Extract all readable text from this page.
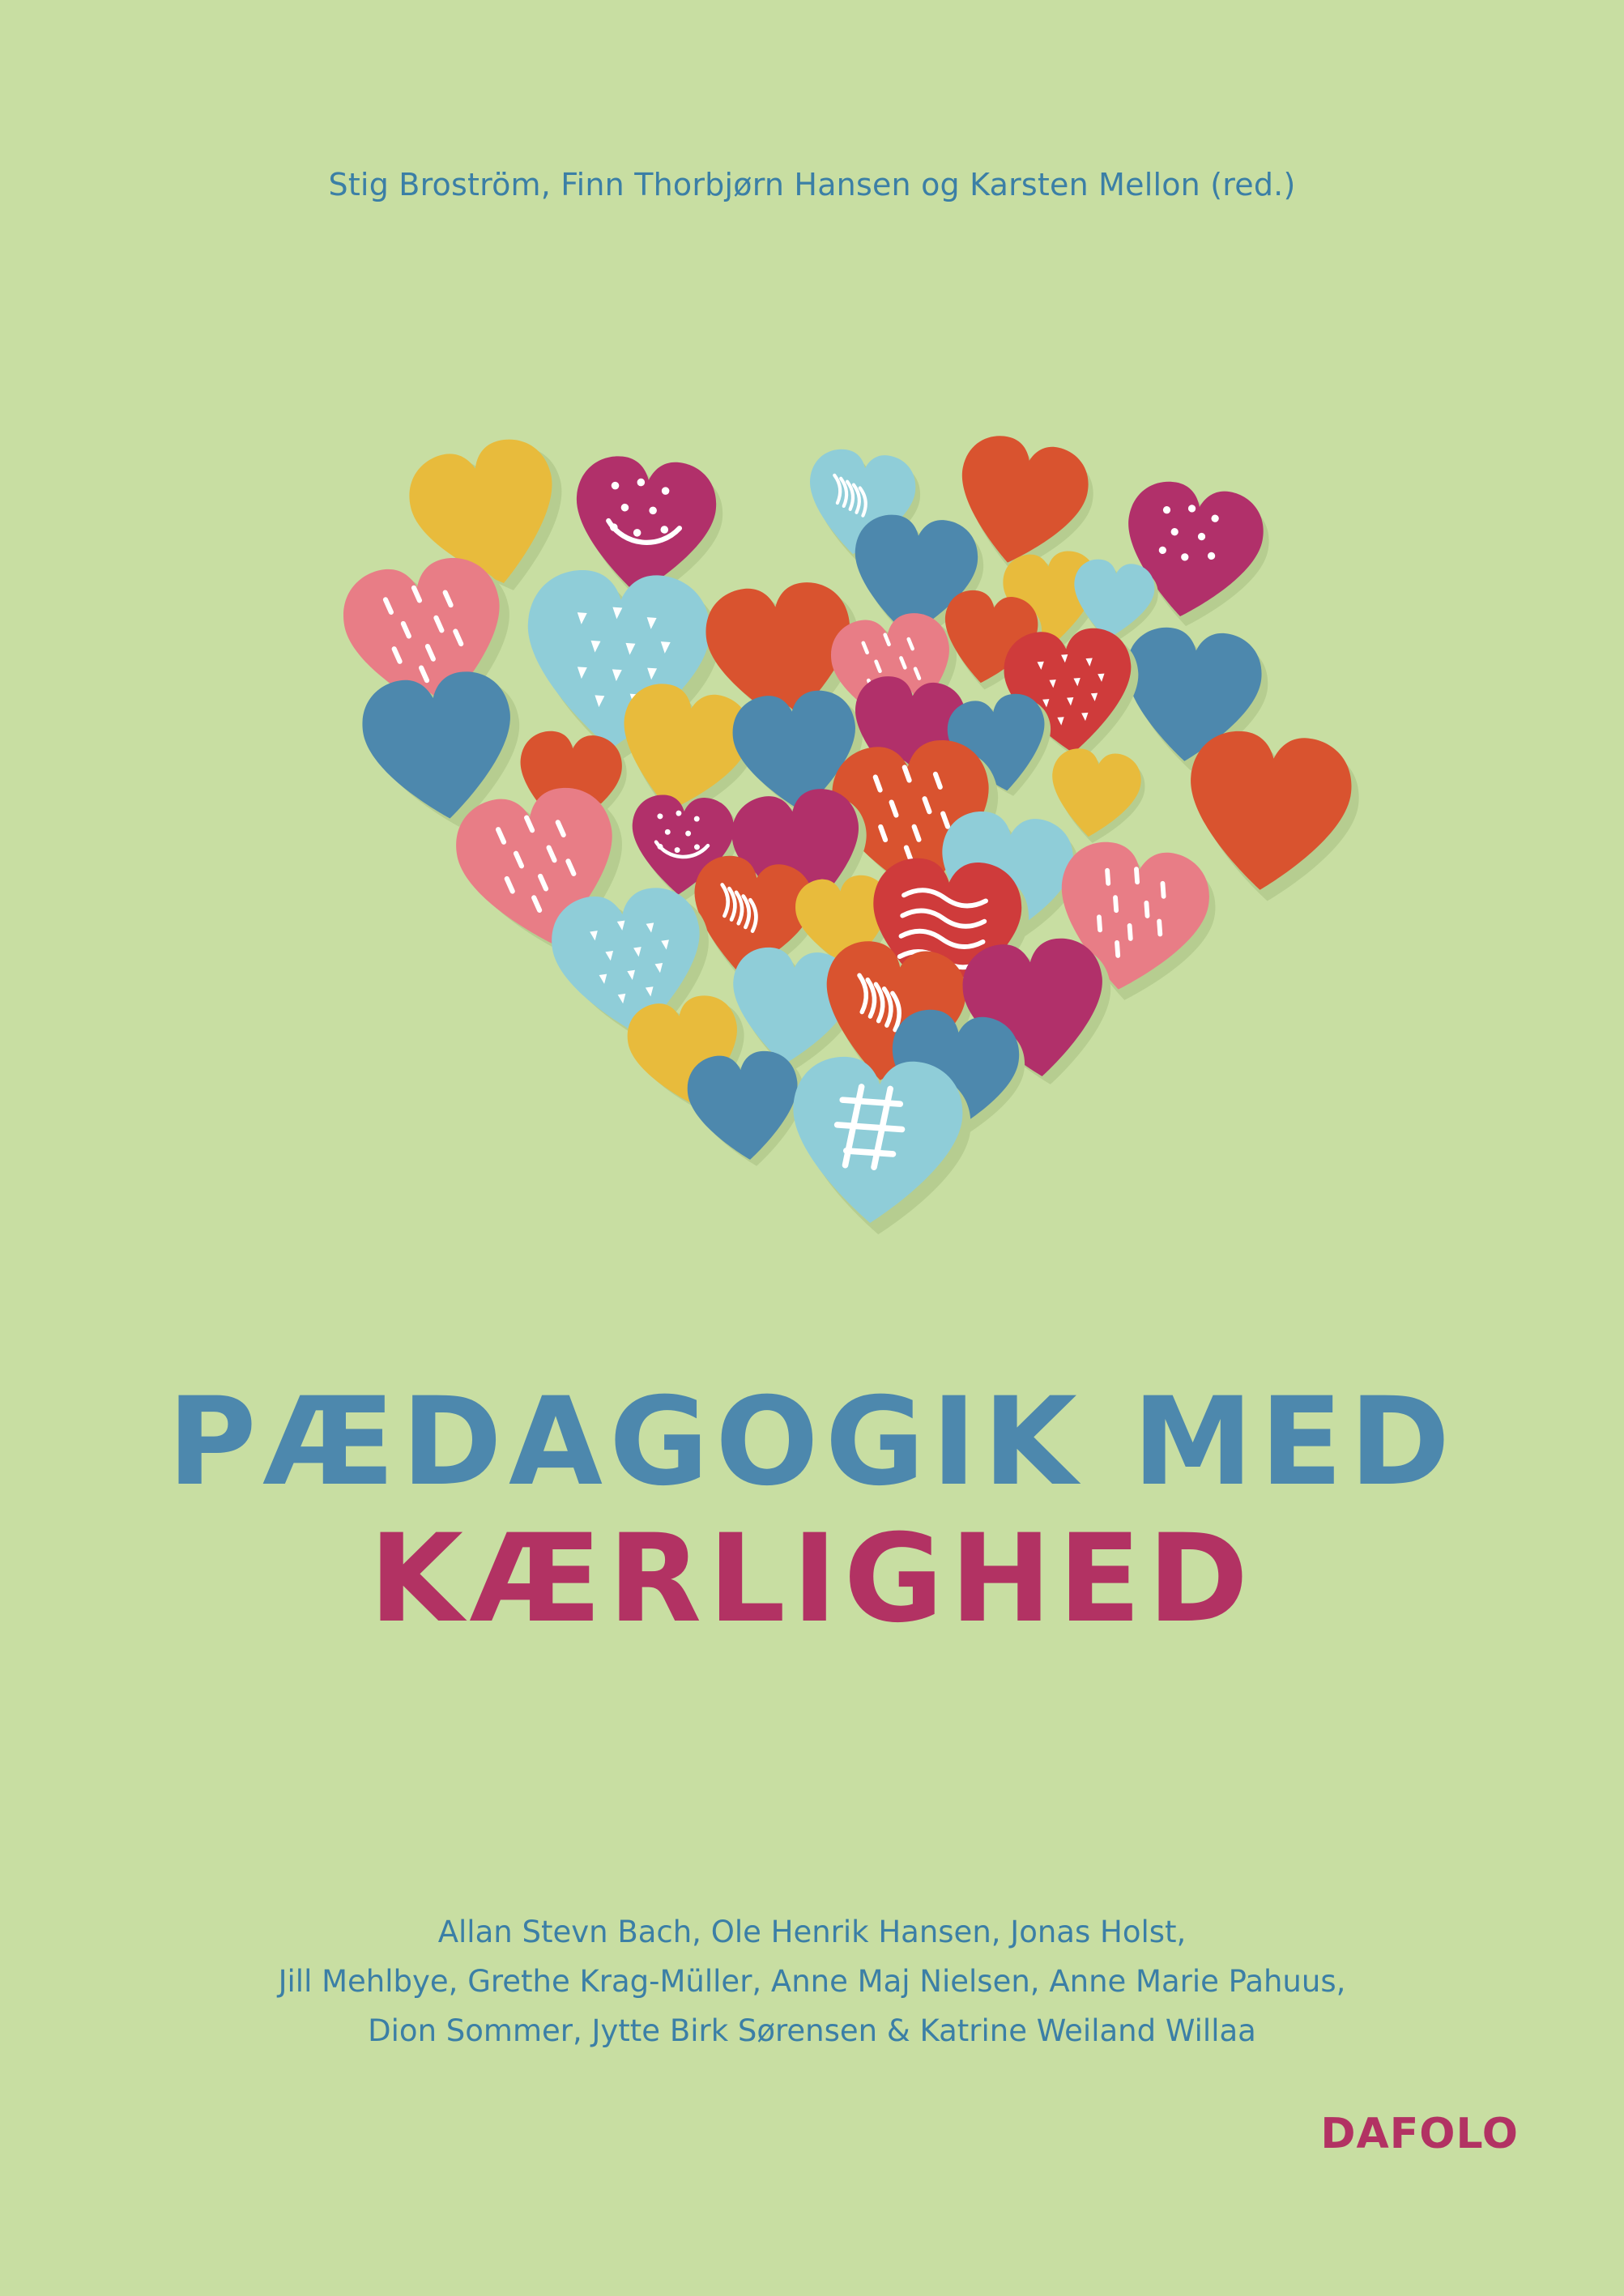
Stig Broström, Finn Thorbjørn Hansen og Karsten Mellon (red.)
PÆDAGOGIK MED
KÆRLIGHED
Allan Stevn Bach, Ole Henrik Hansen, Jonas Holst,
Jill Mehlbye, Grethe Krag-Müller, Anne Maj Nielsen, Anne Marie Pahuus,
Dion Sommer, Jytte Birk Sørensen & Katrine Weiland Willaa
DAFOLO
